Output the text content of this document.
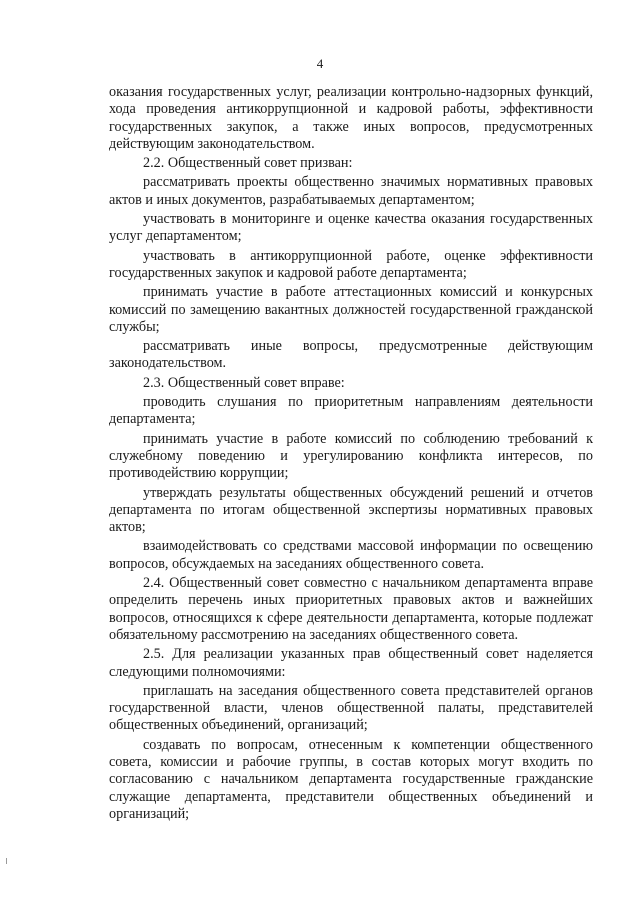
4

оказания государственных услуг, реализации контрольно-надзорных функций, хода проведения антикоррупционной и кадровой работы, эффективности государственных закупок, а также иных вопросов, предусмотренных действующим законодательством.

2.2. Общественный совет призван:

рассматривать проекты общественно значимых нормативных правовых актов и иных документов, разрабатываемых департаментом;

участвовать в мониторинге и оценке качества оказания государственных услуг департаментом;

участвовать в антикоррупционной работе, оценке эффективности государственных закупок и кадровой работе департамента;

принимать участие в работе аттестационных комиссий и конкурсных комиссий по замещению вакантных должностей государственной гражданской службы;

рассматривать иные вопросы, предусмотренные действующим законодательством.

2.3. Общественный совет вправе:

проводить слушания по приоритетным направлениям деятельности департамента;

принимать участие в работе комиссий по соблюдению требований к служебному поведению и урегулированию конфликта интересов, по противодействию коррупции;

утверждать результаты общественных обсуждений решений и отчетов департамента по итогам общественной экспертизы нормативных правовых актов;

взаимодействовать со средствами массовой информации по освещению вопросов, обсуждаемых на заседаниях общественного совета.

2.4. Общественный совет совместно с начальником департамента вправе определить перечень иных приоритетных правовых актов и важнейших вопросов, относящихся к сфере деятельности департамента, которые подлежат обязательному рассмотрению на заседаниях общественного совета.

2.5. Для реализации указанных прав общественный совет наделяется следующими полномочиями:

приглашать на заседания общественного совета представителей органов государственной власти, членов общественной палаты, представителей общественных объединений, организаций;

создавать по вопросам, отнесенным к компетенции общественного совета, комиссии и рабочие группы, в состав которых могут входить по согласованию с начальником департамента государственные гражданские служащие департамента, представители общественных объединений и организаций;
